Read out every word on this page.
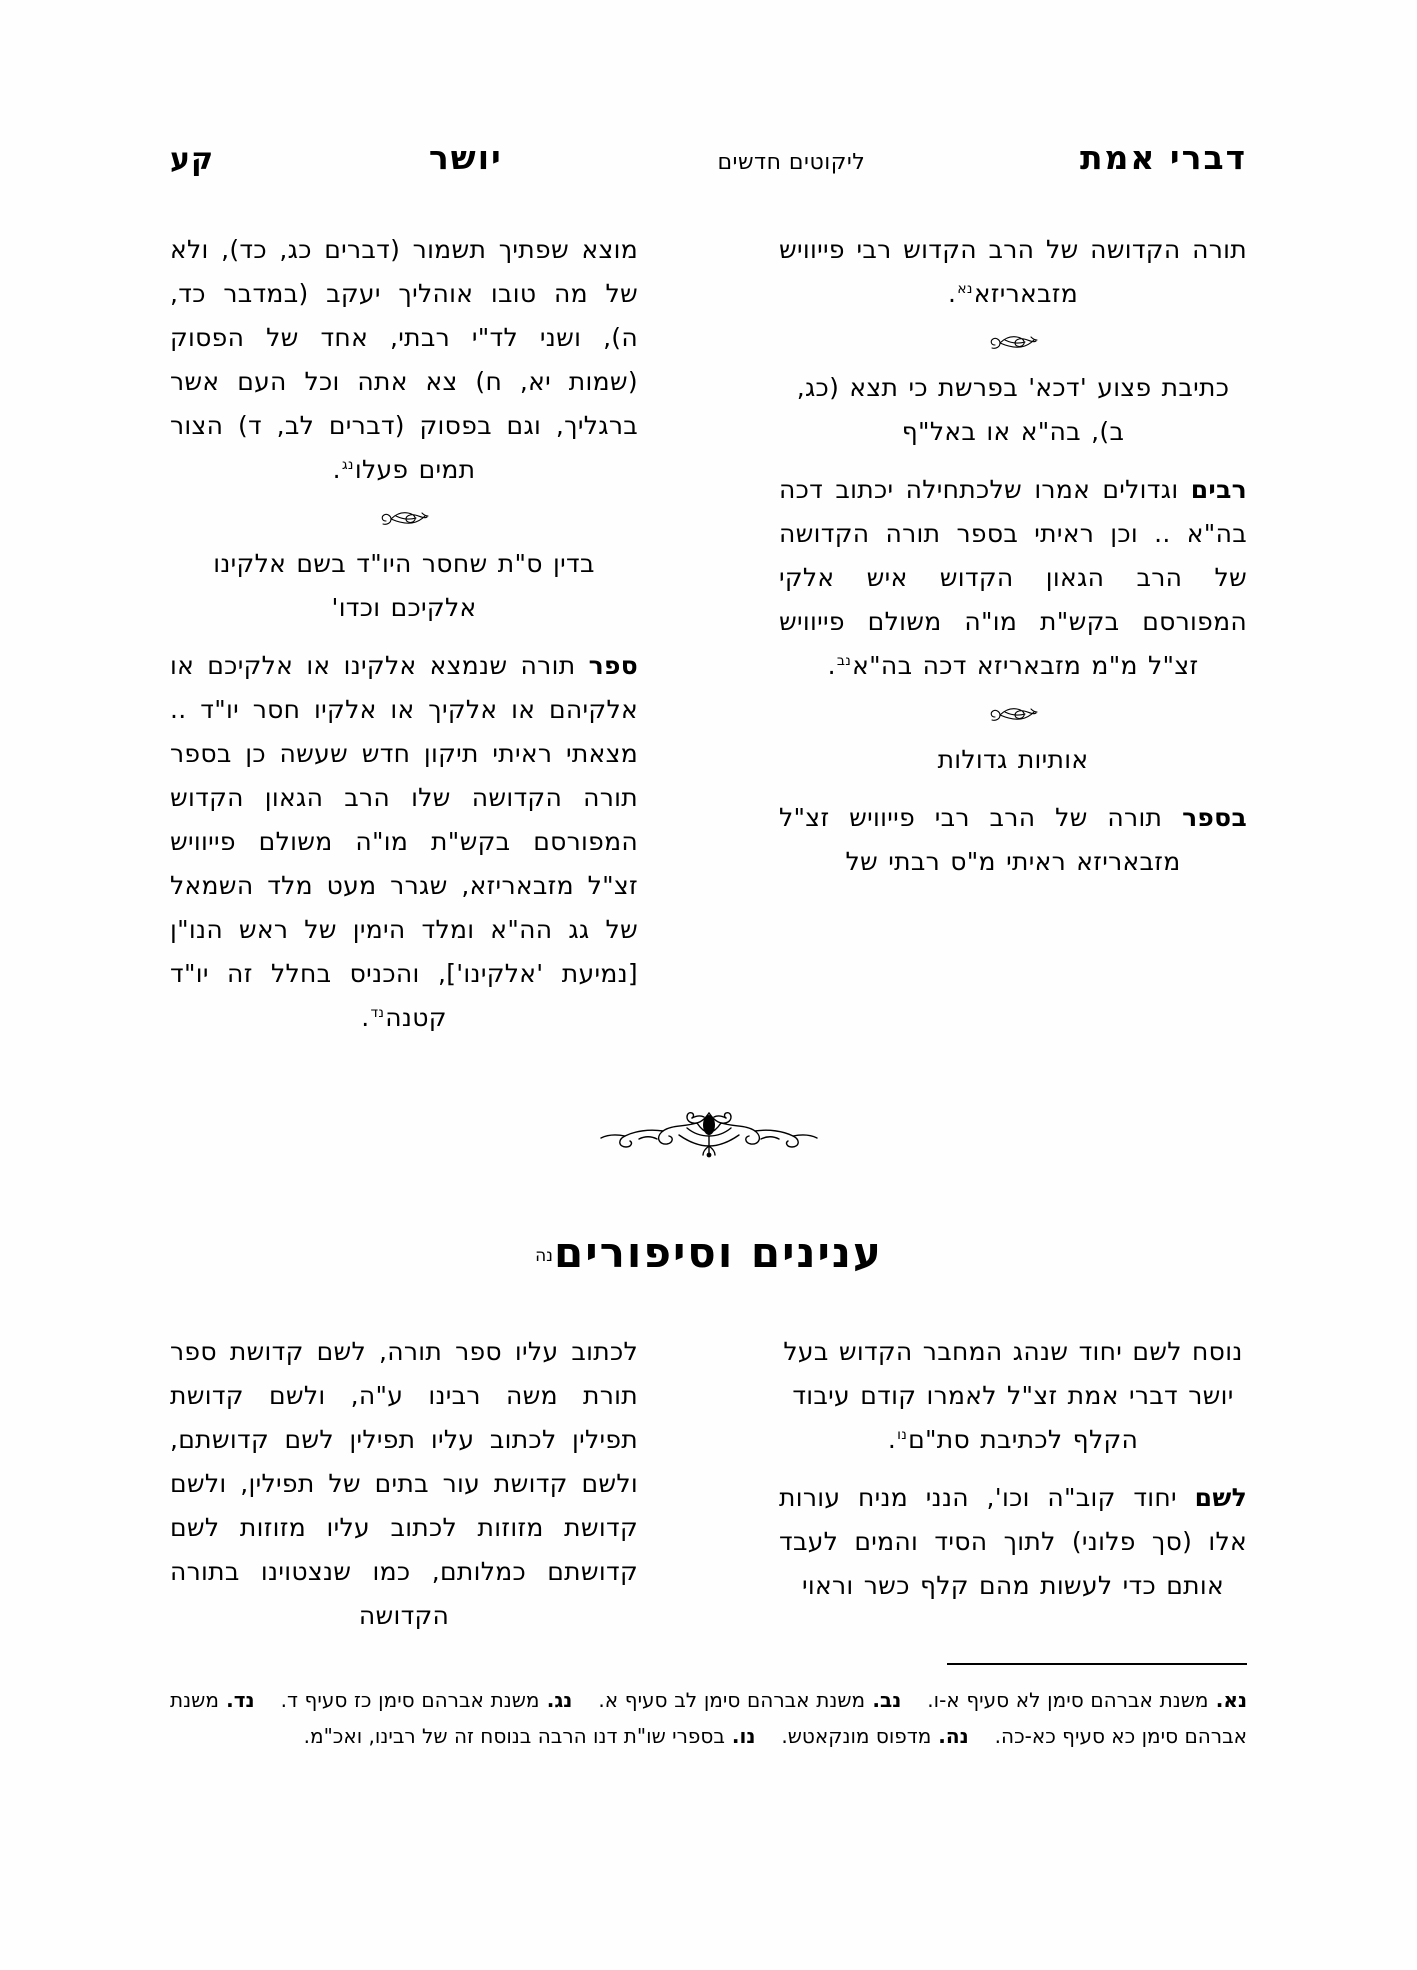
דברי אמת
ליקוטים חדשים
יושר
קע

תורה הקדושה של הרב הקדוש רבי פייוויש מזבאריזא$^{נא}$.

כתיבת פצוע 'דכא' בפרשת כי תצא (כג, ב), בה"א או באל"ף

רבים וגדולים אמרו שלכתחילה יכתוב דכה בה"א .. וכן ראיתי בספר תורה הקדושה של הרב הגאון הקדוש איש אלקי המפורסם בקש"ת מו"ה משולם פייוויש זצ"ל מ"מ מזבאריזא דכה בה"א$^{נב}$.

אותיות גדולות

בספר תורה של הרב רבי פייוויש זצ"ל מזבאריזא ראיתי מ"ס רבתי של

מוצא שפתיך תשמור (דברים כג, כד), ולא של מה טובו אוהליך יעקב (במדבר כד, ה), ושני לד"י רבתי, אחד של הפסוק (שמות יא, ח) צא אתה וכל העם אשר ברגליך, וגם בפסוק (דברים לב, ד) הצור תמים פעלו$^{נג}$.

בדין ס"ת שחסר היו"ד בשם אלקינו אלקיכם וכדו'

ספר תורה שנמצא אלקינו או אלקיכם או אלקיהם או אלקיך או אלקיו חסר יו"ד .. מצאתי ראיתי תיקון חדש שעשה כן בספר תורה הקדושה שלו הרב הגאון הקדוש המפורסם בקש"ת מו"ה משולם פייוויש זצ"ל מזבאריזא, שגרר מעט מלד השמאל של גג הה"א ומלד הימין של ראש הנו"ן [נמיעת 'אלקינו'], והכניס בחלל זה יו"ד קטנה$^{נד}$.

ענינים וסיפורים$^{נה}$

נוסח לשם יחוד שנהג המחבר הקדוש בעל יושר דברי אמת זצ"ל לאמרו קודם עיבוד הקלף לכתיבת סת"ם$^{נו}$.

לשם יחוד קוב"ה וכו', הנני מניח עורות אלו (סך פלוני) לתוך הסיד והמים לעבד אותם כדי לעשות מהם קלף כשר וראוי

לכתוב עליו ספר תורה, לשם קדושת ספר תורת משה רבינו ע"ה, ולשם קדושת תפילין לכתוב עליו תפילין לשם קדושתם, ולשם קדושת עור בתים של תפילין, ולשם קדושת מזוזות לכתוב עליו מזוזות לשם קדושתם כמלותם, כמו שנצטוינו בתורה הקדושה

נא. משנת אברהם סימן לא סעיף א-ו.נב. משנת אברהם סימן לב סעיף א.נג. משנת אברהם סימן כז סעיף ד.נד. משנת אברהם סימן כא סעיף כא-כה.נה. מדפוס מונקאטש.נו. בספרי שו"ת דנו הרבה בנוסח זה של רבינו, ואכ"מ.
